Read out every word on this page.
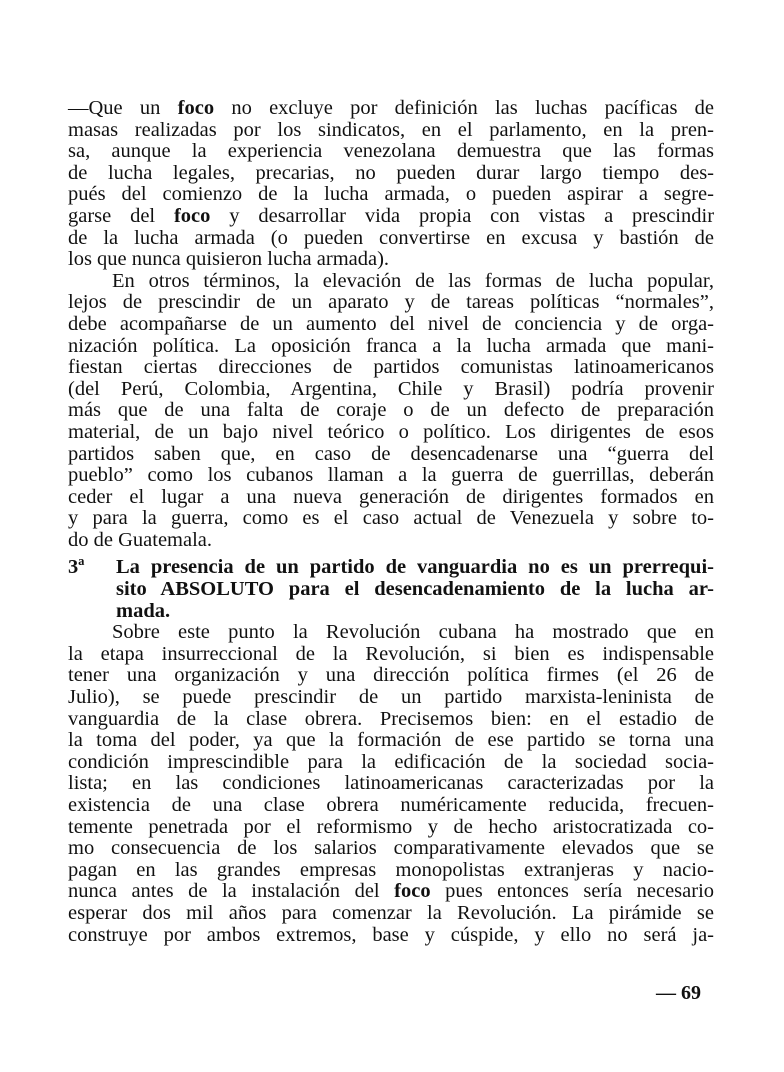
—Que un foco no excluye por definición las luchas pacíficas de
masas realizadas por los sindicatos, en el parlamento, en la pren-
sa, aunque la experiencia venezolana demuestra que las formas
de lucha legales, precarias, no pueden durar largo tiempo des-
pués del comienzo de la lucha armada, o pueden aspirar a segre-
garse del foco y desarrollar vida propia con vistas a prescindir
de la lucha armada (o pueden convertirse en excusa y bastión de
los que nunca quisieron lucha armada).
En otros términos, la elevación de las formas de lucha popular,
lejos de prescindir de un aparato y de tareas políticas “normales”,
debe acompañarse de un aumento del nivel de conciencia y de orga-
nización política. La oposición franca a la lucha armada que mani-
fiestan ciertas direcciones de partidos comunistas latinoamericanos
(del Perú, Colombia, Argentina, Chile y Brasil) podría provenir
más que de una falta de coraje o de un defecto de preparación
material, de un bajo nivel teórico o político. Los dirigentes de esos
partidos saben que, en caso de desencadenarse una “guerra del
pueblo” como los cubanos llaman a la guerra de guerrillas, deberán
ceder el lugar a una nueva generación de dirigentes formados en
y para la guerra, como es el caso actual de Venezuela y sobre to-
do de Guatemala.
3ª	La presencia de un partido de vanguardia no es un prerrequi-
sito ABSOLUTO para el desencadenamiento de la lucha ar-
mada.
Sobre este punto la Revolución cubana ha mostrado que en
la etapa insurreccional de la Revolución, si bien es indispensable
tener una organización y una dirección política firmes (el 26 de
Julio), se puede prescindir de un partido marxista-leninista de
vanguardia de la clase obrera. Precisemos bien: en el estadio de
la toma del poder, ya que la formación de ese partido se torna una
condición imprescindible para la edificación de la sociedad socia-
lista; en las condiciones latinoamericanas caracterizadas por la
existencia de una clase obrera numéricamente reducida, frecuen-
temente penetrada por el reformismo y de hecho aristocratizada co-
mo consecuencia de los salarios comparativamente elevados que se
pagan en las grandes empresas monopolistas extranjeras y nacio-
nunca antes de la instalación del foco pues entonces sería necesario
esperar dos mil años para comenzar la Revolución. La pirámide se
construye por ambos extremos, base y cúspide, y ello no será ja-
— 69
